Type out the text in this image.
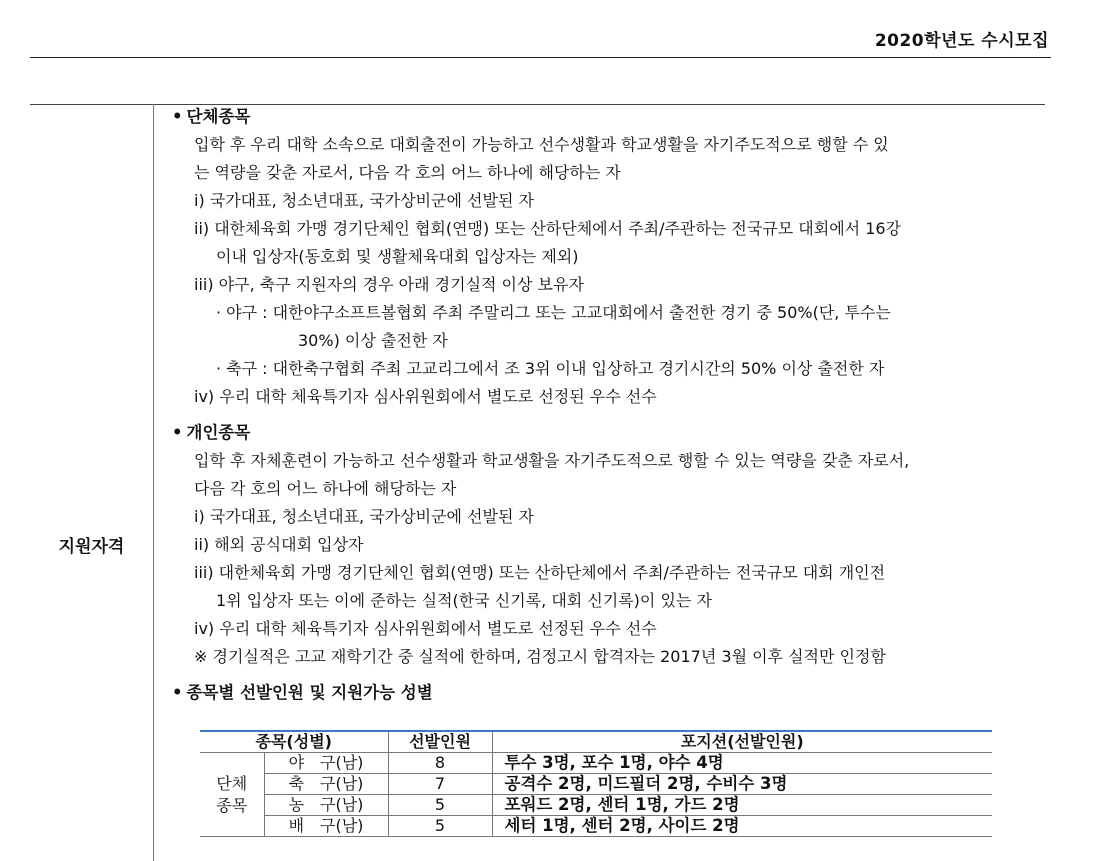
2020학년도 수시모집
지원자격
• 단체종목
입학 후 우리 대학 소속으로 대회출전이 가능하고 선수생활과 학교생활을 자기주도적으로 행할 수 있
는 역량을 갖춘 자로서, 다음 각 호의 어느 하나에 해당하는 자
i) 국가대표, 청소년대표, 국가상비군에 선발된 자
ii) 대한체육회 가맹 경기단체인 협회(연맹) 또는 산하단체에서 주최/주관하는 전국규모 대회에서 16강
이내 입상자(동호회 및 생활체육대회 입상자는 제외)
iii) 야구, 축구 지원자의 경우 아래 경기실적 이상 보유자
· 야구 : 대한야구소프트볼협회 주최 주말리그 또는 고교대회에서 출전한 경기 중 50%(단, 투수는
30%) 이상 출전한 자
· 축구 : 대한축구협회 주최 고교리그에서 조 3위 이내 입상하고 경기시간의 50% 이상 출전한 자
iv) 우리 대학 체육특기자 심사위원회에서 별도로 선정된 우수 선수
• 개인종목
입학 후 자체훈련이 가능하고 선수생활과 학교생활을 자기주도적으로 행할 수 있는 역량을 갖춘 자로서,
다음 각 호의 어느 하나에 해당하는 자
i) 국가대표, 청소년대표, 국가상비군에 선발된 자
ii) 해외 공식대회 입상자
iii) 대한체육회 가맹 경기단체인 협회(연맹) 또는 산하단체에서 주최/주관하는 전국규모 대회 개인전
1위 입상자 또는 이에 준하는 실적(한국 신기록, 대회 신기록)이 있는 자
iv) 우리 대학 체육특기자 심사위원회에서 별도로 선정된 우수 선수
※ 경기실적은 고교 재학기간 중 실적에 한하며, 검정고시 합격자는 2017년 3월 이후 실적만 인정함
• 종목별 선발인원 및 지원가능 성별
종목(성별)		선발인원	포지션(선발인원)
단체
종목	야　구(남)	8	투수 3명, 포수 1명, 야수 4명
	축　구(남)	7	공격수 2명, 미드필더 2명, 수비수 3명
	농　구(남)	5	포워드 2명, 센터 1명, 가드 2명
	배　구(남)	5	세터 1명, 센터 2명, 사이드 2명
